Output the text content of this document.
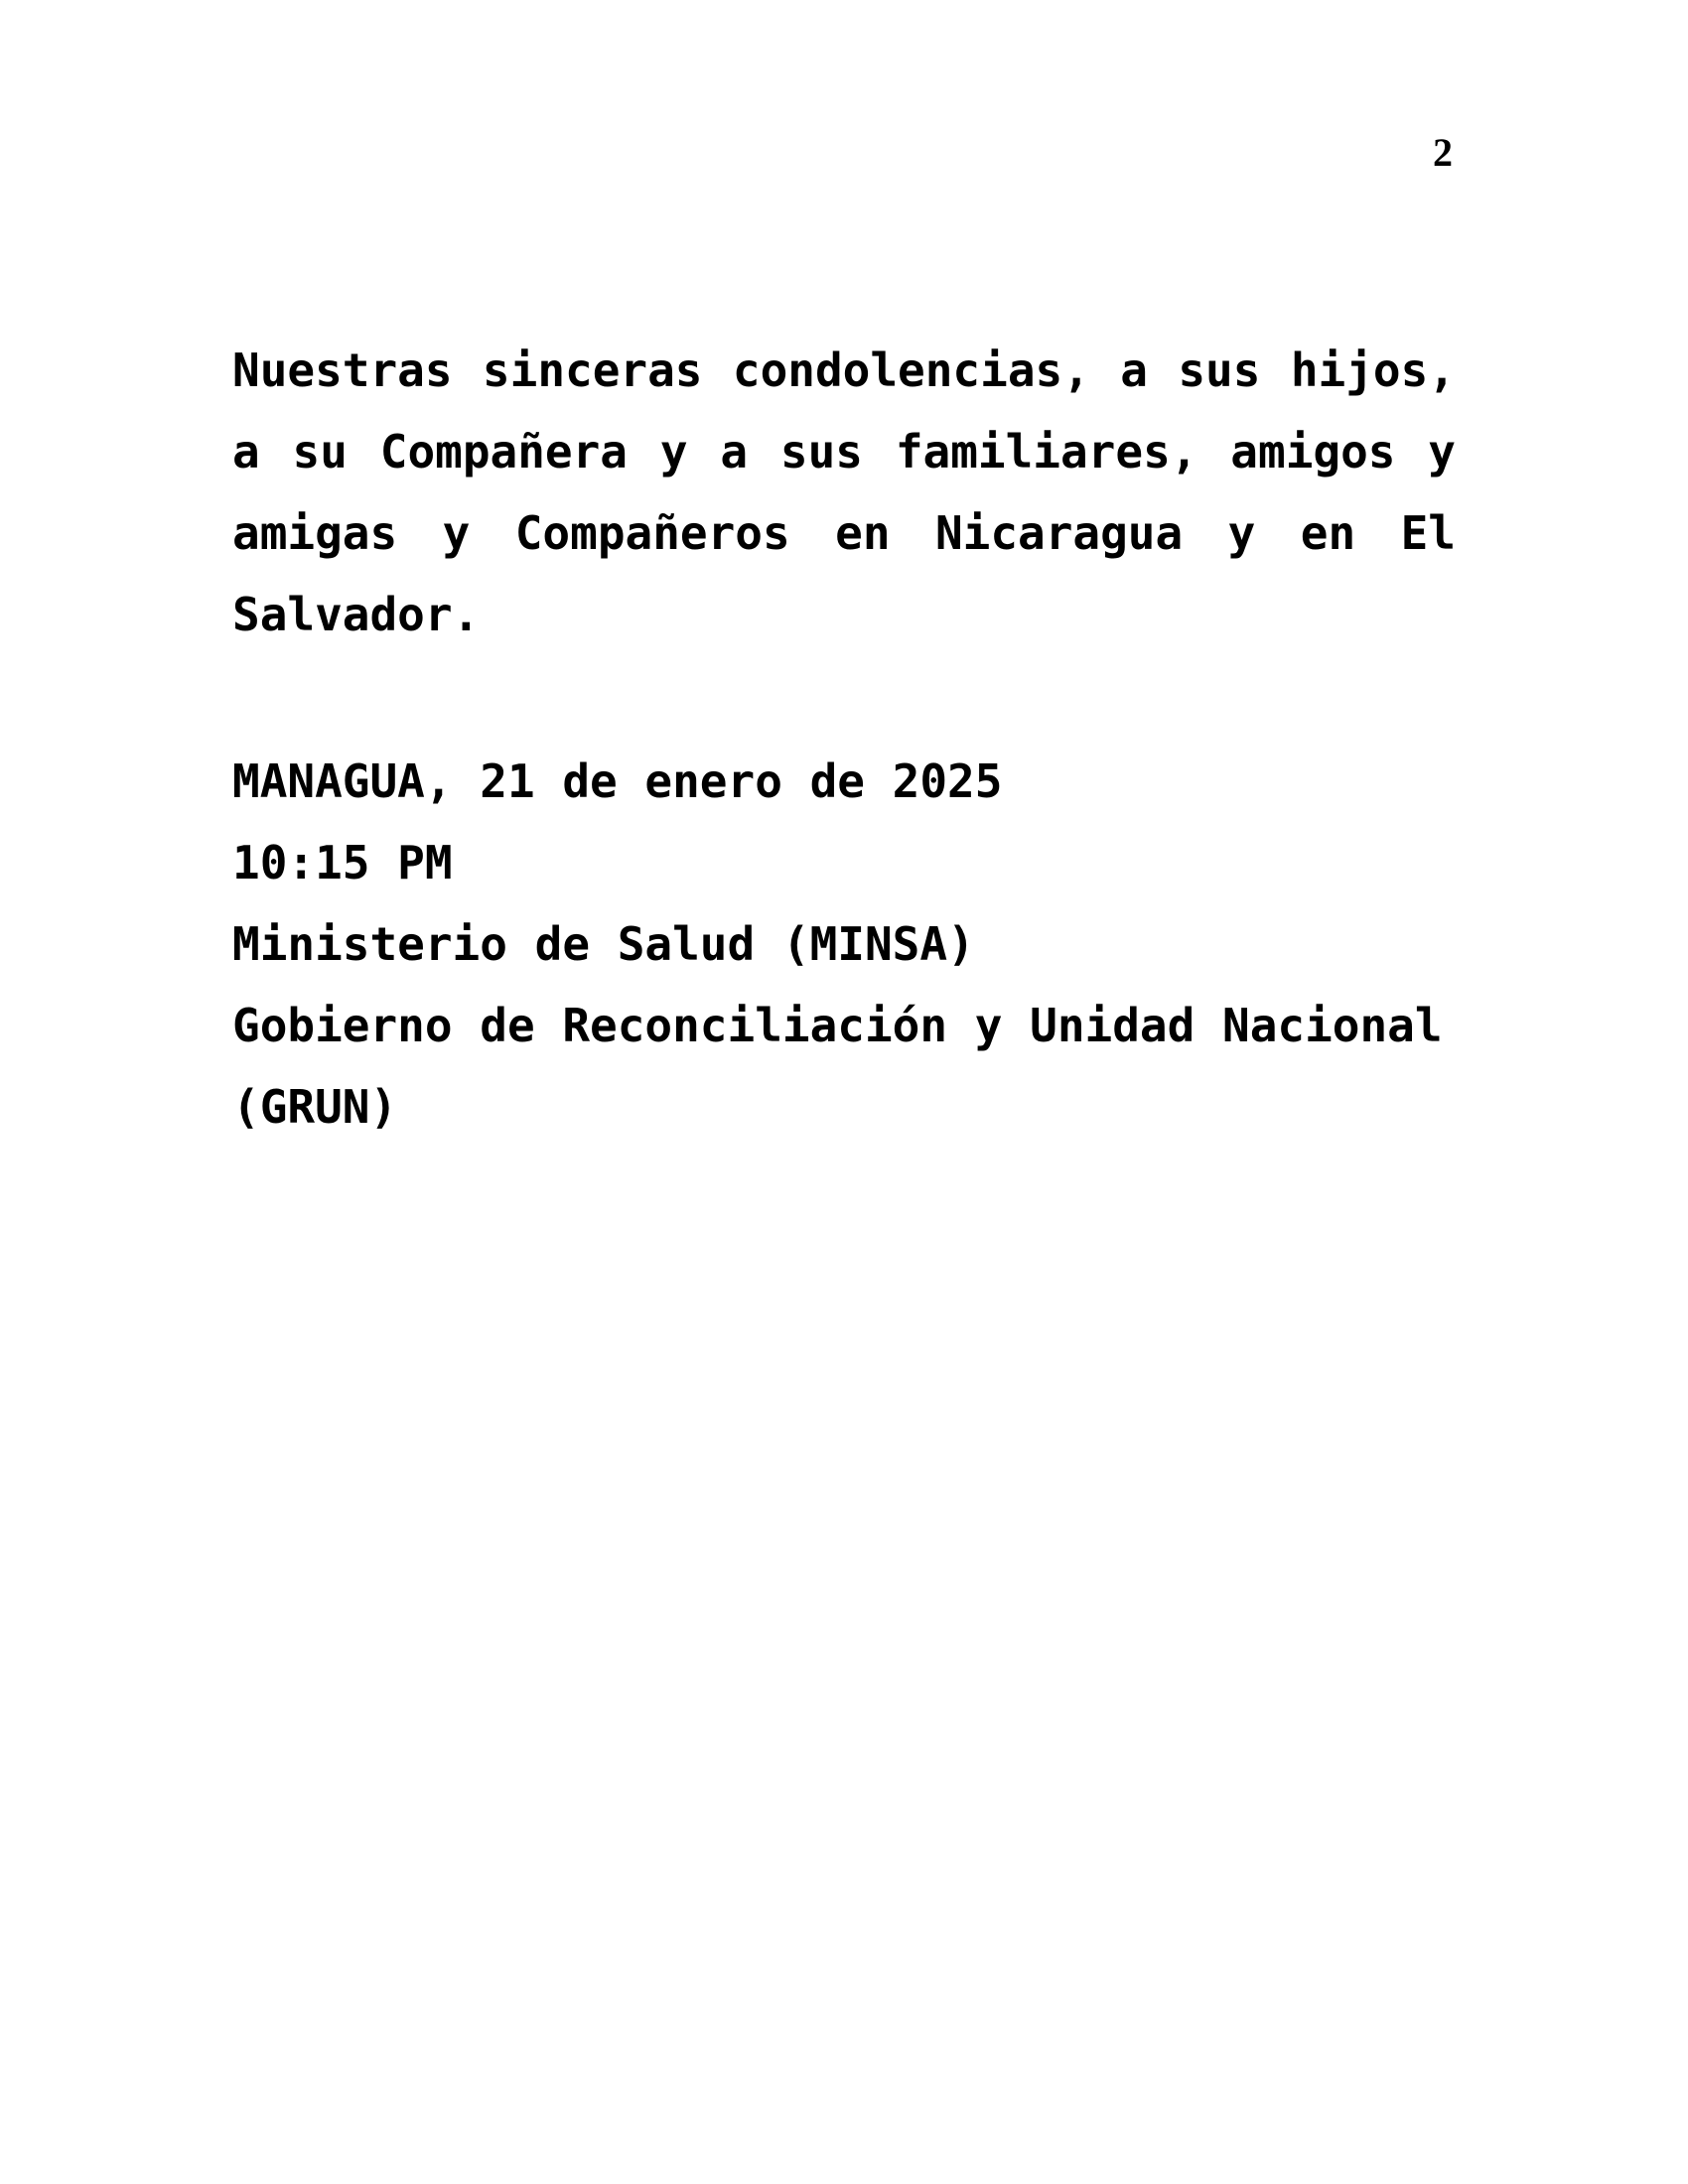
2
Nuestras sinceras condolencias, a sus hijos,
a su Compañera y a sus familiares, amigos y
amigas y Compañeros en Nicaragua y en El
Salvador.
MANAGUA, 21 de enero de 2025
10:15 PM
Ministerio de Salud (MINSA)
Gobierno de Reconciliación y Unidad Nacional
(GRUN)
